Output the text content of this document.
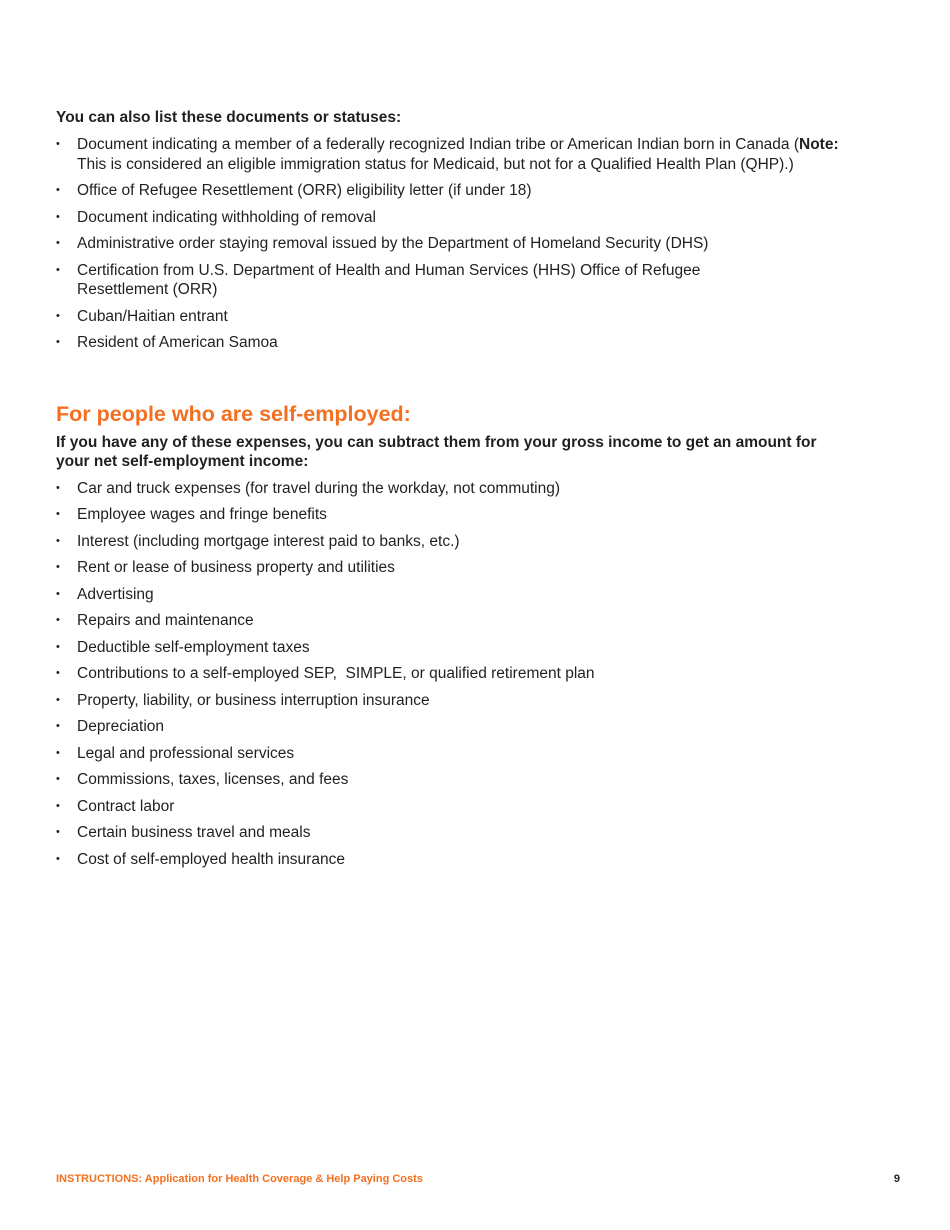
You can also list these documents or statuses:

• Document indicating a member of a federally recognized Indian tribe or American Indian born in Canada (Note: This is considered an eligible immigration status for Medicaid, but not for a Qualified Health Plan (QHP).)
• Office of Refugee Resettlement (ORR) eligibility letter (if under 18)
• Document indicating withholding of removal
• Administrative order staying removal issued by the Department of Homeland Security (DHS)
• Certification from U.S. Department of Health and Human Services (HHS) Office of Refugee Resettlement (ORR)
• Cuban/Haitian entrant
• Resident of American Samoa
For people who are self-employed:

If you have any of these expenses, you can subtract them from your gross income to get an amount for your net self-employment income:

• Car and truck expenses (for travel during the workday, not commuting)
• Employee wages and fringe benefits
• Interest (including mortgage interest paid to banks, etc.)
• Rent or lease of business property and utilities
• Advertising
• Repairs and maintenance
• Deductible self-employment taxes
• Contributions to a self-employed SEP,  SIMPLE, or qualified retirement plan
• Property, liability, or business interruption insurance
• Depreciation
• Legal and professional services
• Commissions, taxes, licenses, and fees
• Contract labor
• Certain business travel and meals
• Cost of self-employed health insurance
INSTRUCTIONS: Application for Health Coverage & Help Paying Costs	9
